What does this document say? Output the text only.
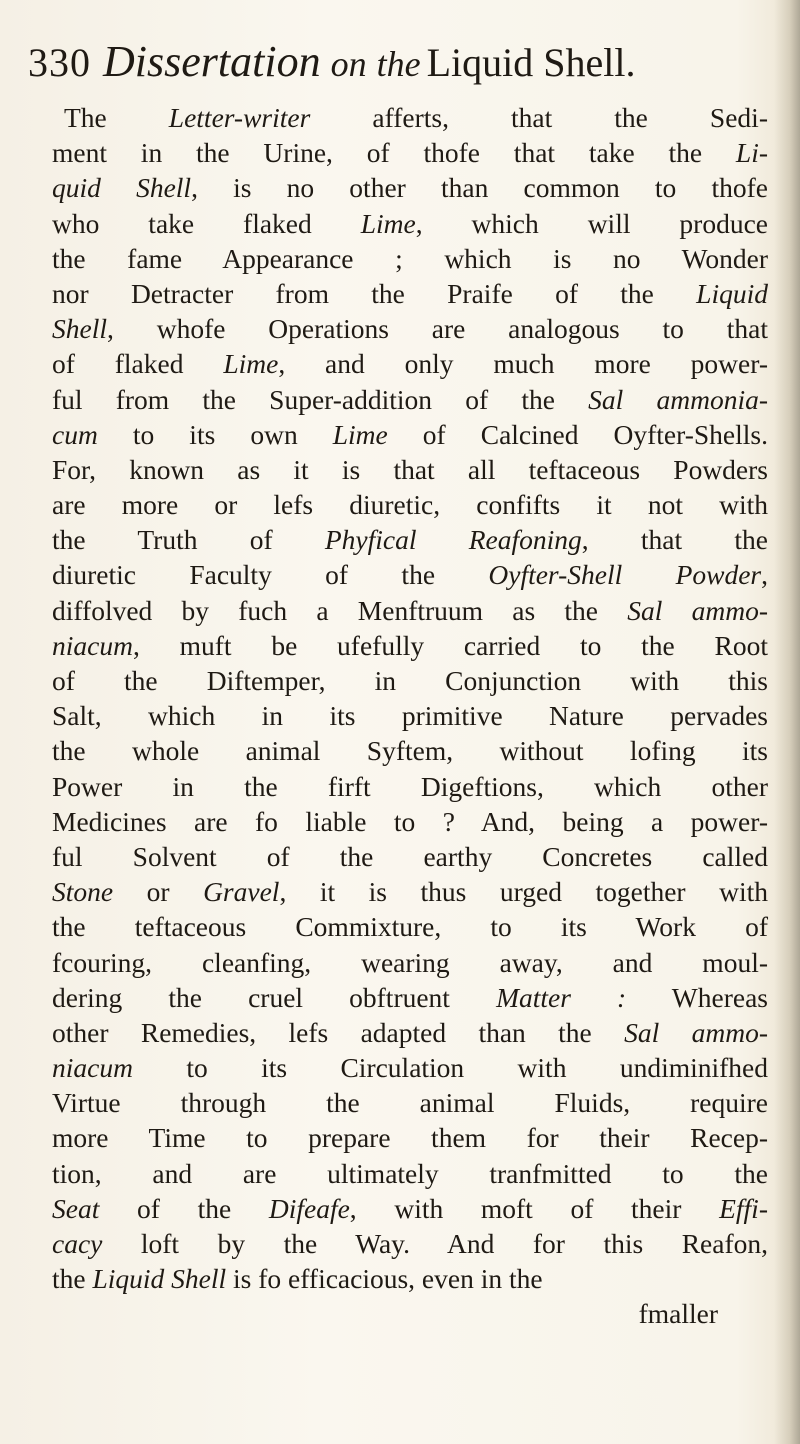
330 Dissertation on the Liquid Shell.
The Letter-writer afferts, that the Sedi-
ment in the Urine, of thofe that take the Li-
quid Shell, is no other than common to thofe
who take flaked Lime, which will produce
the fame Appearance ; which is no Wonder
nor Detracter from the Praife of the Liquid
Shell, whofe Operations are analogous to that
of flaked Lime, and only much more power-
ful from the Super-addition of the Sal ammonia-
cum to its own Lime of Calcined Oyfter-Shells.
For, known as it is that all teftaceous Powders
are more or lefs diuretic, confifts it not with
the Truth of Phyfical Reafoning, that the
diuretic Faculty of the Oyfter-Shell Powder,
diffolved by fuch a Menftruum as the Sal ammo-
niacum, muft be ufefully carried to the Root
of the Diftemper, in Conjunction with this
Salt, which in its primitive Nature pervades
the whole animal Syftem, without lofing its
Power in the firft Digeftions, which other
Medicines are fo liable to ? And, being a power-
ful Solvent of the earthy Concretes called
Stone or Gravel, it is thus urged together with
the teftaceous Commixture, to its Work of
fcouring, cleanfing, wearing away, and moul-
dering the cruel obftruent Matter : Whereas
other Remedies, lefs adapted than the Sal ammo-
niacum to its Circulation with undiminifhed
Virtue through the animal Fluids, require
more Time to prepare them for their Recep-
tion, and are ultimately tranfmitted to the
Seat of the Difeafe, with moft of their Effi-
cacy loft by the Way. And for this Reafon,
the Liquid Shell is fo efficacious, even in the
fmaller
